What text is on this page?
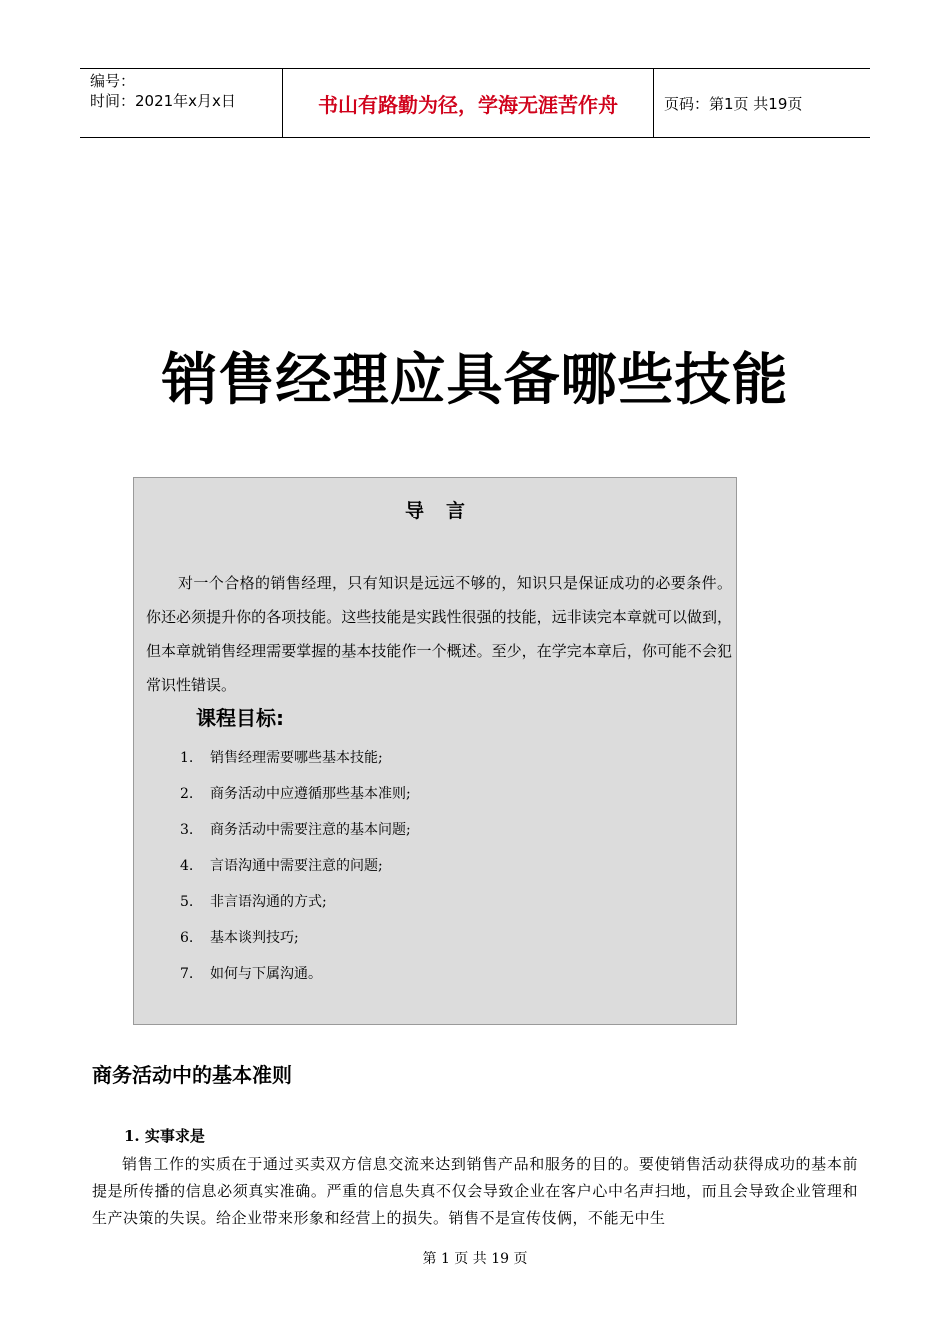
编号：
时间：2021年x月x日	书山有路勤为径，学海无涯苦作舟	页码：第1页 共19页
销售经理应具备哪些技能
导言
对一个合格的销售经理，只有知识是远远不够的，知识只是保证成功的必要条件。你还必须提升你的各项技能。这些技能是实践性很强的技能，远非读完本章就可以做到，但本章就销售经理需要掌握的基本技能作一个概述。至少，在学完本章后，你可能不会犯常识性错误。
课程目标:
1.	销售经理需要哪些基本技能;
2.	商务活动中应遵循那些基本准则;
3.	商务活动中需要注意的基本问题;
4.	言语沟通中需要注意的问题;
5.	非言语沟通的方式;
6.	基本谈判技巧;
7.	如何与下属沟通。
商务活动中的基本准则
1. 实事求是
销售工作的实质在于通过买卖双方信息交流来达到销售产品和服务的目的。要使销售活动获得成功的基本前提是所传播的信息必须真实准确。严重的信息失真不仅会导致企业在客户心中名声扫地，而且会导致企业管理和生产决策的失误。给企业带来形象和经营上的损失。销售不是宣传伎俩，不能无中生
第 1 页 共 19 页
